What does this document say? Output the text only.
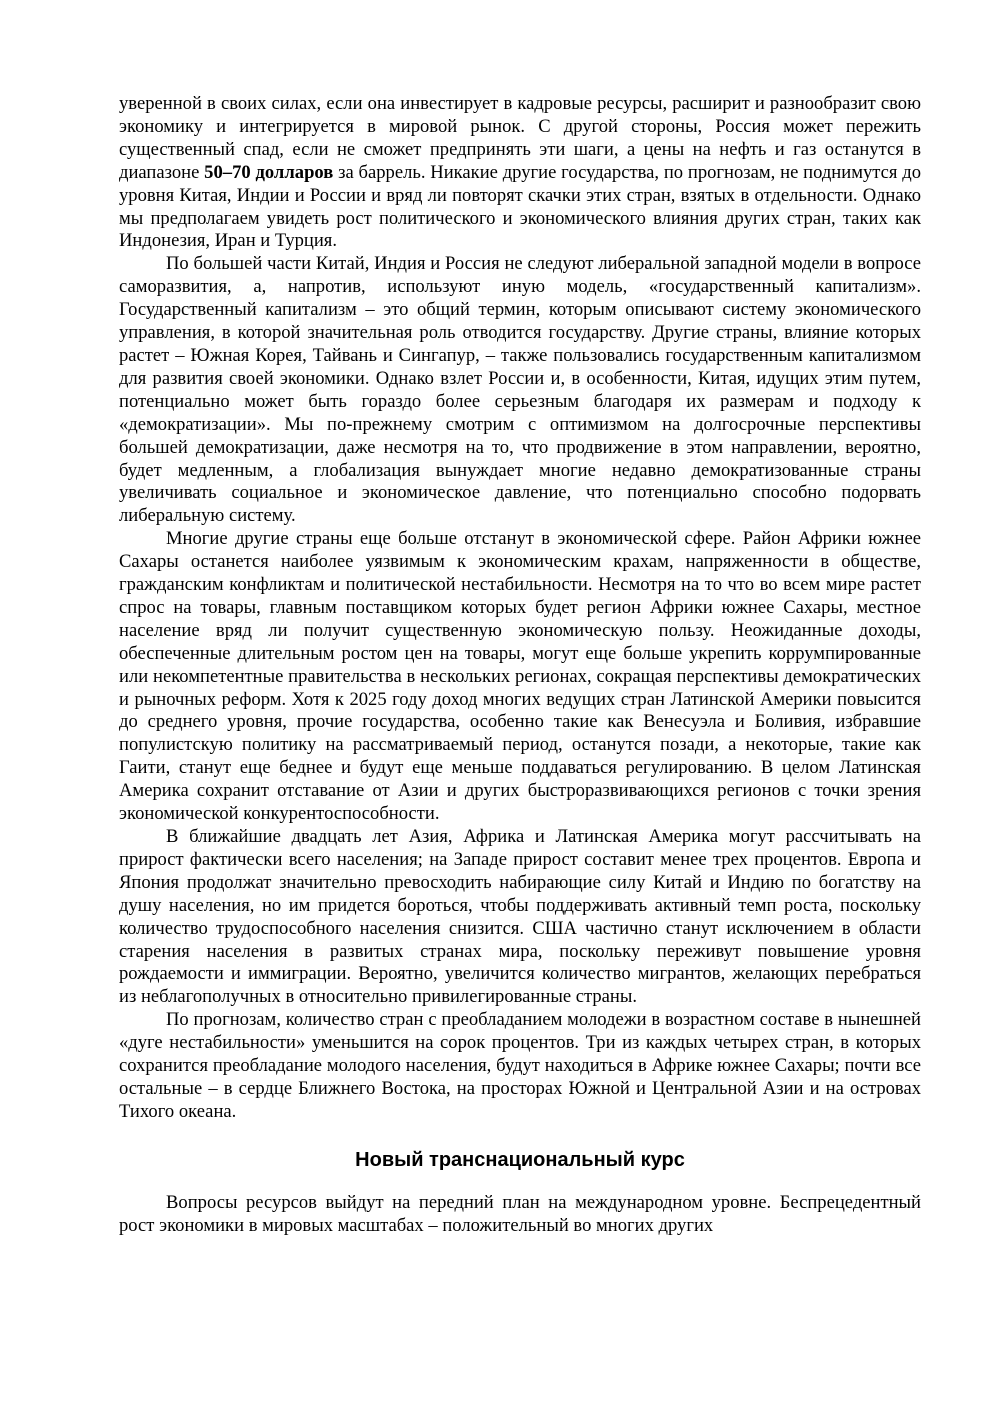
уверенной в своих силах, если она инвестирует в кадровые ресурсы, расширит и разнообразит свою экономику и интегрируется в мировой рынок. С другой стороны, Россия может пережить существенный спад, если не сможет предпринять эти шаги, а цены на нефть и газ останутся в диапазоне 50–70 долларов за баррель. Никакие другие государства, по прогнозам, не поднимутся до уровня Китая, Индии и России и вряд ли повторят скачки этих стран, взятых в отдельности. Однако мы предполагаем увидеть рост политического и экономического влияния других стран, таких как Индонезия, Иран и Турция.

По большей части Китай, Индия и Россия не следуют либеральной западной модели в вопросе саморазвития, а, напротив, используют иную модель, «государственный капитализм». Государственный капитализм – это общий термин, которым описывают систему экономического управления, в которой значительная роль отводится государству. Другие страны, влияние которых растет – Южная Корея, Тайвань и Сингапур, – также пользовались государственным капитализмом для развития своей экономики. Однако взлет России и, в особенности, Китая, идущих этим путем, потенциально может быть гораздо более серьезным благодаря их размерам и подходу к «демократизации». Мы по-прежнему смотрим с оптимизмом на долгосрочные перспективы большей демократизации, даже несмотря на то, что продвижение в этом направлении, вероятно, будет медленным, а глобализация вынуждает многие недавно демократизованные страны увеличивать социальное и экономическое давление, что потенциально способно подорвать либеральную систему.

Многие другие страны еще больше отстанут в экономической сфере. Район Африки южнее Сахары останется наиболее уязвимым к экономическим крахам, напряженности в обществе, гражданским конфликтам и политической нестабильности. Несмотря на то что во всем мире растет спрос на товары, главным поставщиком которых будет регион Африки южнее Сахары, местное население вряд ли получит существенную экономическую пользу. Неожиданные доходы, обеспеченные длительным ростом цен на товары, могут еще больше укрепить коррумпированные или некомпетентные правительства в нескольких регионах, сокращая перспективы демократических и рыночных реформ. Хотя к 2025 году доход многих ведущих стран Латинской Америки повысится до среднего уровня, прочие государства, особенно такие как Венесуэла и Боливия, избравшие популистскую политику на рассматриваемый период, останутся позади, а некоторые, такие как Гаити, станут еще беднее и будут еще меньше поддаваться регулированию. В целом Латинская Америка сохранит отставание от Азии и других быстроразвивающихся регионов с точки зрения экономической конкурентоспособности.

В ближайшие двадцать лет Азия, Африка и Латинская Америка могут рассчитывать на прирост фактически всего населения; на Западе прирост составит менее трех процентов. Европа и Япония продолжат значительно превосходить набирающие силу Китай и Индию по богатству на душу населения, но им придется бороться, чтобы поддерживать активный темп роста, поскольку количество трудоспособного населения снизится. США частично станут исключением в области старения населения в развитых странах мира, поскольку переживут повышение уровня рождаемости и иммиграции. Вероятно, увеличится количество мигрантов, желающих перебраться из неблагополучных в относительно привилегированные страны.

По прогнозам, количество стран с преобладанием молодежи в возрастном составе в нынешней «дуге нестабильности» уменьшится на сорок процентов. Три из каждых четырех стран, в которых сохранится преобладание молодого населения, будут находиться в Африке южнее Сахары; почти все остальные – в сердце Ближнего Востока, на просторах Южной и Центральной Азии и на островах Тихого океана.

Новый транснациональный курс

Вопросы ресурсов выйдут на передний план на международном уровне. Беспрецедентный рост экономики в мировых масштабах – положительный во многих других
